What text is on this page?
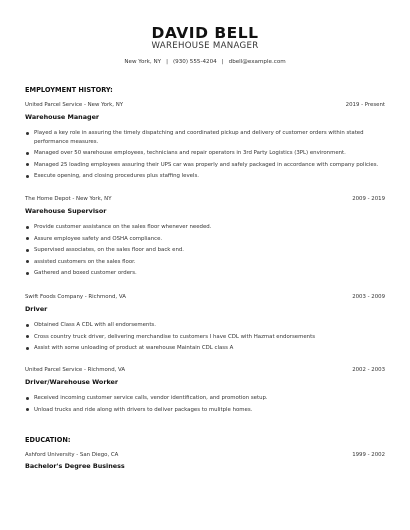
DAVID BELL
WAREHOUSE MANAGER
New York, NY | (930) 555-4204 | dbell@example.com
EMPLOYMENT HISTORY:
United Parcel Service - New York, NY	2019 - Present
Warehouse Manager
Played a key role in assuring the timely dispatching and coordinated pickup and delivery of customer orders within stated performance measures.
Managed over 50 warehouse employees, technicians and repair operators in 3rd Party Logistics (3PL) environment.
Managed 25 loading employees assuring their UPS car was properly and safely packaged in accordance with company policies.
Execute opening, and closing procedures plus staffing levels.
The Home Depot - New York, NY	2009 - 2019
Warehouse Supervisor
Provide customer assistance on the sales floor whenever needed.
Assure employee safety and OSHA compliance.
Supervised associates, on the sales floor and back end.
assisted customers on the sales floor.
Gathered and boxed customer orders.
Swift Foods Company - Richmond, VA	2003 - 2009
Driver
Obtained Class A CDL with all endorsements.
Cross country truck driver, delivering merchandise to customers I have CDL with Hazmat endorsements
Assist with some unloading of product at warehouse Maintain CDL class A
United Parcel Service - Richmond, VA	2002 - 2003
Driver/Warehouse Worker
Received incoming customer service calls, vendor identification, and promotion setup.
Unload trucks and ride along with drivers to deliver packages to mulitple homes.
EDUCATION:
Ashford University - San Diego, CA	1999 - 2002
Bachelor's Degree Business
